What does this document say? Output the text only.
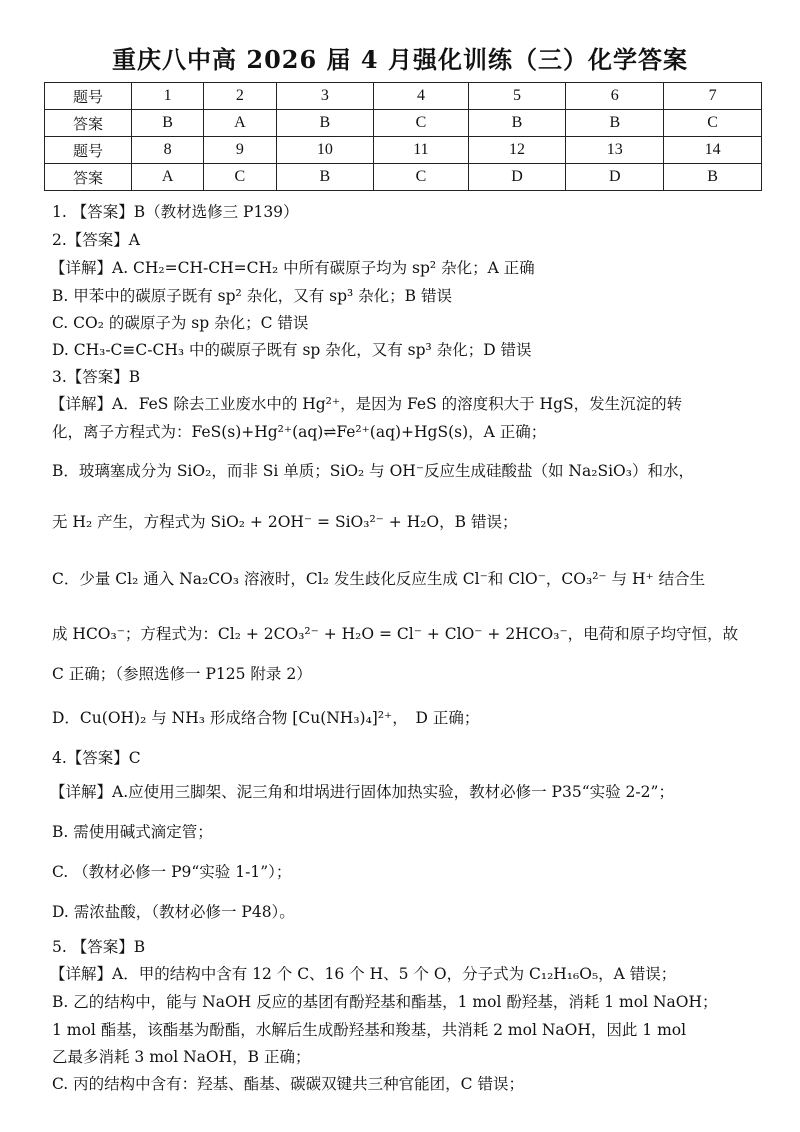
重庆八中高 2026 届 4 月强化训练（三）化学答案
题号	1	2	3	4	5	6	7
答案	B	A	B	C	B	B	C
题号	8	9	10	11	12	13	14
答案	A	C	B	C	D	D	B

1. 【答案】B（教材选修三 P139）

2.【答案】A

【详解】A. CH₂=CH-CH=CH₂ 中所有碳原子均为 sp² 杂化；A 正确

B. 甲苯中的碳原子既有 sp² 杂化，又有 sp³ 杂化；B 错误

C. CO₂ 的碳原子为 sp 杂化；C 错误

D. CH₃-C≡C-CH₃ 中的碳原子既有 sp 杂化，又有 sp³ 杂化；D 错误

3.【答案】B

【详解】A．FeS 除去工业废水中的 Hg²⁺，是因为 FeS 的溶度积大于 HgS，发生沉淀的转

化，离子方程式为：FeS(s)+Hg²⁺(aq)⇌Fe²⁺(aq)+HgS(s)，A 正确；

B．玻璃塞成分为 SiO₂，而非 Si 单质；SiO₂ 与 OH⁻反应生成硅酸盐（如 Na₂SiO₃）和水，

无 H₂ 产生，方程式为 SiO₂ + 2OH⁻ = SiO₃²⁻ + H₂O，B 错误；

C．少量 Cl₂ 通入 Na₂CO₃ 溶液时，Cl₂ 发生歧化反应生成 Cl⁻和 ClO⁻，CO₃²⁻ 与 H⁺ 结合生

成 HCO₃⁻；方程式为：Cl₂ + 2CO₃²⁻ + H₂O = Cl⁻ + ClO⁻ + 2HCO₃⁻，电荷和原子均守恒，故

C 正确；（参照选修一 P125 附录 2）

D．Cu(OH)₂ 与 NH₃ 形成络合物 [Cu(NH₃)₄]²⁺，　D 正确；

4.【答案】C

【详解】A.应使用三脚架、泥三角和坩埚进行固体加热实验，教材必修一 P35“实验 2-2”；

B. 需使用碱式滴定管；

C. （教材必修一 P9“实验 1-1”）；

D. 需浓盐酸，（教材必修一 P48）。

5. 【答案】B

【详解】A．甲的结构中含有 12 个 C、16 个 H、5 个 O，分子式为 C₁₂H₁₆O₅，A 错误；

B. 乙的结构中，能与 NaOH 反应的基团有酚羟基和酯基，1 mol 酚羟基，消耗 1 mol NaOH；

1 mol 酯基，该酯基为酚酯，水解后生成酚羟基和羧基，共消耗 2 mol NaOH，因此 1 mol

乙最多消耗 3 mol NaOH，B 正确；

C. 丙的结构中含有：羟基、酯基、碳碳双键共三种官能团，C 错误；
